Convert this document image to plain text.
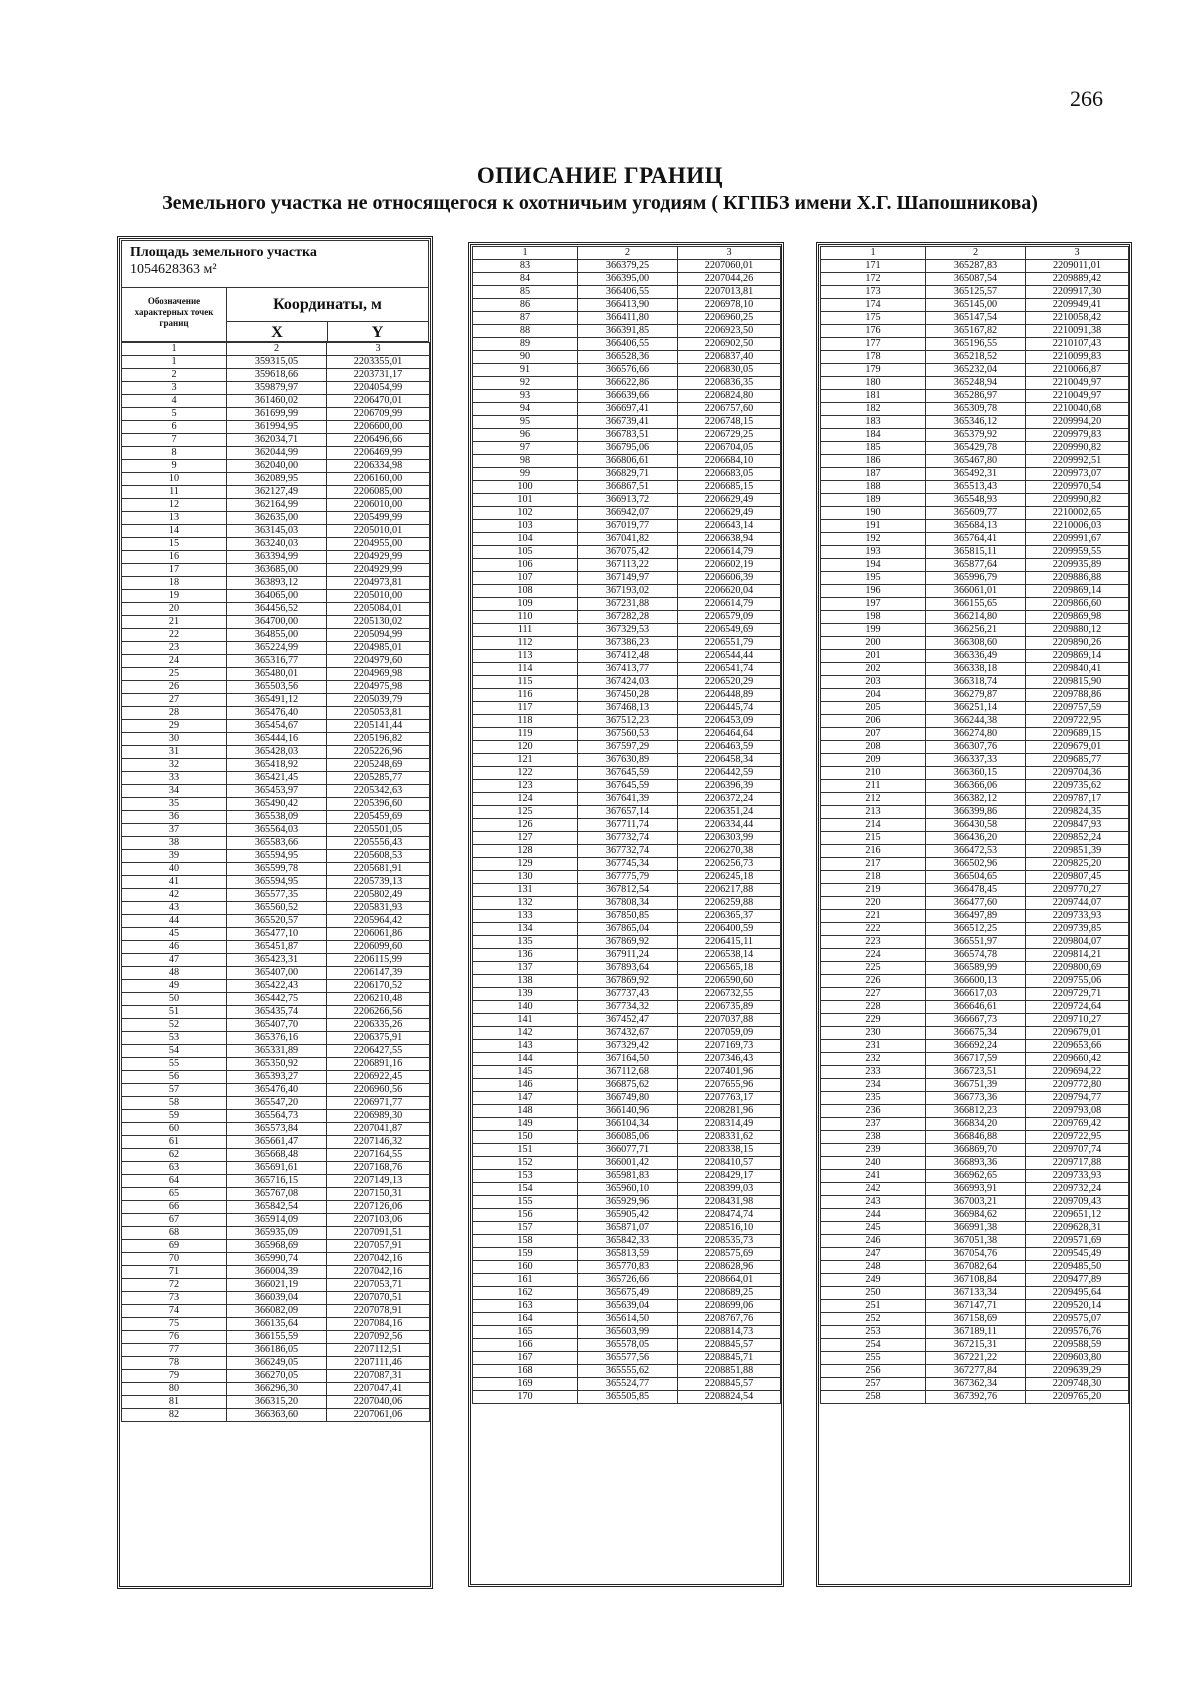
266
ОПИСАНИЕ ГРАНИЦ
Земельного участка не относящегося к охотничьим угодиям ( КГПБЗ имени Х.Г. Шапошникова)
Площадь земельного участка
1054628363 м²
Обозначение характерных точек границ
Координаты, м
X	Y
1	2	3
1	359315,05	2203355,01
2	359618,66	2203731,17
3	359879,97	2204054,99
4	361460,02	2206470,01
5	361699,99	2206709,99
6	361994,95	2206600,00
7	362034,71	2206496,66
8	362044,99	2206469,99
9	362040,00	2206334,98
10	362089,95	2206160,00
11	362127,49	2206085,00
12	362164,99	2206010,00
13	362635,00	2205499,99
14	363145,03	2205010,01
15	363240,03	2204955,00
16	363394,99	2204929,99
17	363685,00	2204929,99
18	363893,12	2204973,81
19	364065,00	2205010,00
20	364456,52	2205084,01
21	364700,00	2205130,02
22	364855,00	2205094,99
23	365224,99	2204985,01
24	365316,77	2204979,60
25	365480,01	2204969,98
26	365503,56	2204975,98
27	365491,12	2205039,79
28	365476,40	2205053,81
29	365454,67	2205141,44
30	365444,16	2205196,82
31	365428,03	2205226,96
32	365418,92	2205248,69
33	365421,45	2205285,77
34	365453,97	2205342,63
35	365490,42	2205396,60
36	365538,09	2205459,69
37	365564,03	2205501,05
38	365583,66	2205556,43
39	365594,95	2205608,53
40	365599,78	2205681,91
41	365594,95	2205739,13
42	365577,35	2205802,49
43	365560,52	2205831,93
44	365520,57	2205964,42
45	365477,10	2206061,86
46	365451,87	2206099,60
47	365423,31	2206115,99
48	365407,00	2206147,39
49	365422,43	2206170,52
50	365442,75	2206210,48
51	365435,74	2206266,56
52	365407,70	2206335,26
53	365376,16	2206375,91
54	365331,89	2206427,55
55	365350,92	2206891,16
56	365393,27	2206922,45
57	365476,40	2206960,56
58	365547,20	2206971,77
59	365564,73	2206989,30
60	365573,84	2207041,87
61	365661,47	2207146,32
62	365668,48	2207164,55
63	365691,61	2207168,76
64	365716,15	2207149,13
65	365767,08	2207150,31
66	365842,54	2207126,06
67	365914,09	2207103,06
68	365935,09	2207091,51
69	365968,69	2207057,91
70	365990,74	2207042,16
71	366004,39	2207042,16
72	366021,19	2207053,71
73	366039,04	2207070,51
74	366082,09	2207078,91
75	366135,64	2207084,16
76	366155,59	2207092,56
77	366186,05	2207112,51
78	366249,05	2207111,46
79	366270,05	2207087,31
80	366296,30	2207047,41
81	366315,20	2207040,06
82	366363,60	2207061,06
1	2	3
83	366379,25	2207060,01
84	366395,00	2207044,26
85	366406,55	2207013,81
86	366413,90	2206978,10
87	366411,80	2206960,25
88	366391,85	2206923,50
89	366406,55	2206902,50
90	366528,36	2206837,40
91	366576,66	2206830,05
92	366622,86	2206836,35
93	366639,66	2206824,80
94	366697,41	2206757,60
95	366739,41	2206748,15
96	366783,51	2206729,25
97	366795,06	2206704,05
98	366806,61	2206684,10
99	366829,71	2206683,05
100	366867,51	2206685,15
101	366913,72	2206629,49
102	366942,07	2206629,49
103	367019,77	2206643,14
104	367041,82	2206638,94
105	367075,42	2206614,79
106	367113,22	2206602,19
107	367149,97	2206606,39
108	367193,02	2206620,04
109	367231,88	2206614,79
110	367282,28	2206579,09
111	367329,53	2206549,69
112	367386,23	2206551,79
113	367412,48	2206544,44
114	367413,77	2206541,74
115	367424,03	2206520,29
116	367450,28	2206448,89
117	367468,13	2206445,74
118	367512,23	2206453,09
119	367560,53	2206464,64
120	367597,29	2206463,59
121	367630,89	2206458,34
122	367645,59	2206442,59
123	367645,59	2206396,39
124	367641,39	2206372,24
125	367657,14	2206351,24
126	367711,74	2206334,44
127	367732,74	2206303,99
128	367732,74	2206270,38
129	367745,34	2206256,73
130	367775,79	2206245,18
131	367812,54	2206217,88
132	367808,34	2206259,88
133	367850,85	2206365,37
134	367865,04	2206400,59
135	367869,92	2206415,11
136	367911,24	2206538,14
137	367893,64	2206565,18
138	367869,92	2206590,60
139	367737,43	2206732,55
140	367734,32	2206735,89
141	367452,47	2207037,88
142	367432,67	2207059,09
143	367329,42	2207169,73
144	367164,50	2207346,43
145	367112,68	2207401,96
146	366875,62	2207655,96
147	366749,80	2207763,17
148	366140,96	2208281,96
149	366104,34	2208314,49
150	366085,06	2208331,62
151	366077,71	2208338,15
152	366001,42	2208410,57
153	365981,83	2208429,17
154	365960,10	2208399,03
155	365929,96	2208431,98
156	365905,42	2208474,74
157	365871,07	2208516,10
158	365842,33	2208535,73
159	365813,59	2208575,69
160	365770,83	2208628,96
161	365726,66	2208664,01
162	365675,49	2208689,25
163	365639,04	2208699,06
164	365614,50	2208767,76
165	365603,99	2208814,73
166	365578,05	2208845,57
167	365577,56	2208845,71
168	365555,62	2208851,88
169	365524,77	2208845,57
170	365505,85	2208824,54
1	2	3
171	365287,83	2209011,01
172	365087,54	2209889,42
173	365125,57	2209917,30
174	365145,00	2209949,41
175	365147,54	2210058,42
176	365167,82	2210091,38
177	365196,55	2210107,43
178	365218,52	2210099,83
179	365232,04	2210066,87
180	365248,94	2210049,97
181	365286,97	2210049,97
182	365309,78	2210040,68
183	365346,12	2209994,20
184	365379,92	2209979,83
185	365429,78	2209990,82
186	365467,80	2209992,51
187	365492,31	2209973,07
188	365513,43	2209970,54
189	365548,93	2209990,82
190	365609,77	2210002,65
191	365684,13	2210006,03
192	365764,41	2209991,67
193	365815,11	2209959,55
194	365877,64	2209935,89
195	365996,79	2209886,88
196	366061,01	2209869,14
197	366155,65	2209866,60
198	366214,80	2209869,98
199	366256,21	2209880,12
200	366308,60	2209890,26
201	366336,49	2209869,14
202	366338,18	2209840,41
203	366318,74	2209815,90
204	366279,87	2209788,86
205	366251,14	2209757,59
206	366244,38	2209722,95
207	366274,80	2209689,15
208	366307,76	2209679,01
209	366337,33	2209685,77
210	366360,15	2209704,36
211	366366,06	2209735,62
212	366382,12	2209787,17
213	366399,86	2209824,35
214	366430,58	2209847,93
215	366436,20	2209852,24
216	366472,53	2209851,39
217	366502,96	2209825,20
218	366504,65	2209807,45
219	366478,45	2209770,27
220	366477,60	2209744,07
221	366497,89	2209733,93
222	366512,25	2209739,85
223	366551,97	2209804,07
224	366574,78	2209814,21
225	366589,99	2209800,69
226	366600,13	2209755,06
227	366617,03	2209729,71
228	366646,61	2209724,64
229	366667,73	2209710,27
230	366675,34	2209679,01
231	366692,24	2209653,66
232	366717,59	2209660,42
233	366723,51	2209694,22
234	366751,39	2209772,80
235	366773,36	2209794,77
236	366812,23	2209793,08
237	366834,20	2209769,42
238	366846,88	2209722,95
239	366869,70	2209707,74
240	366893,36	2209717,88
241	366962,65	2209733,93
242	366993,91	2209732,24
243	367003,21	2209709,43
244	366984,62	2209651,12
245	366991,38	2209628,31
246	367051,38	2209571,69
247	367054,76	2209545,49
248	367082,64	2209485,50
249	367108,84	2209477,89
250	367133,34	2209495,64
251	367147,71	2209520,14
252	367158,69	2209575,07
253	367189,11	2209576,76
254	367215,31	2209588,59
255	367221,22	2209603,80
256	367277,84	2209639,29
257	367362,34	2209748,30
258	367392,76	2209765,20
